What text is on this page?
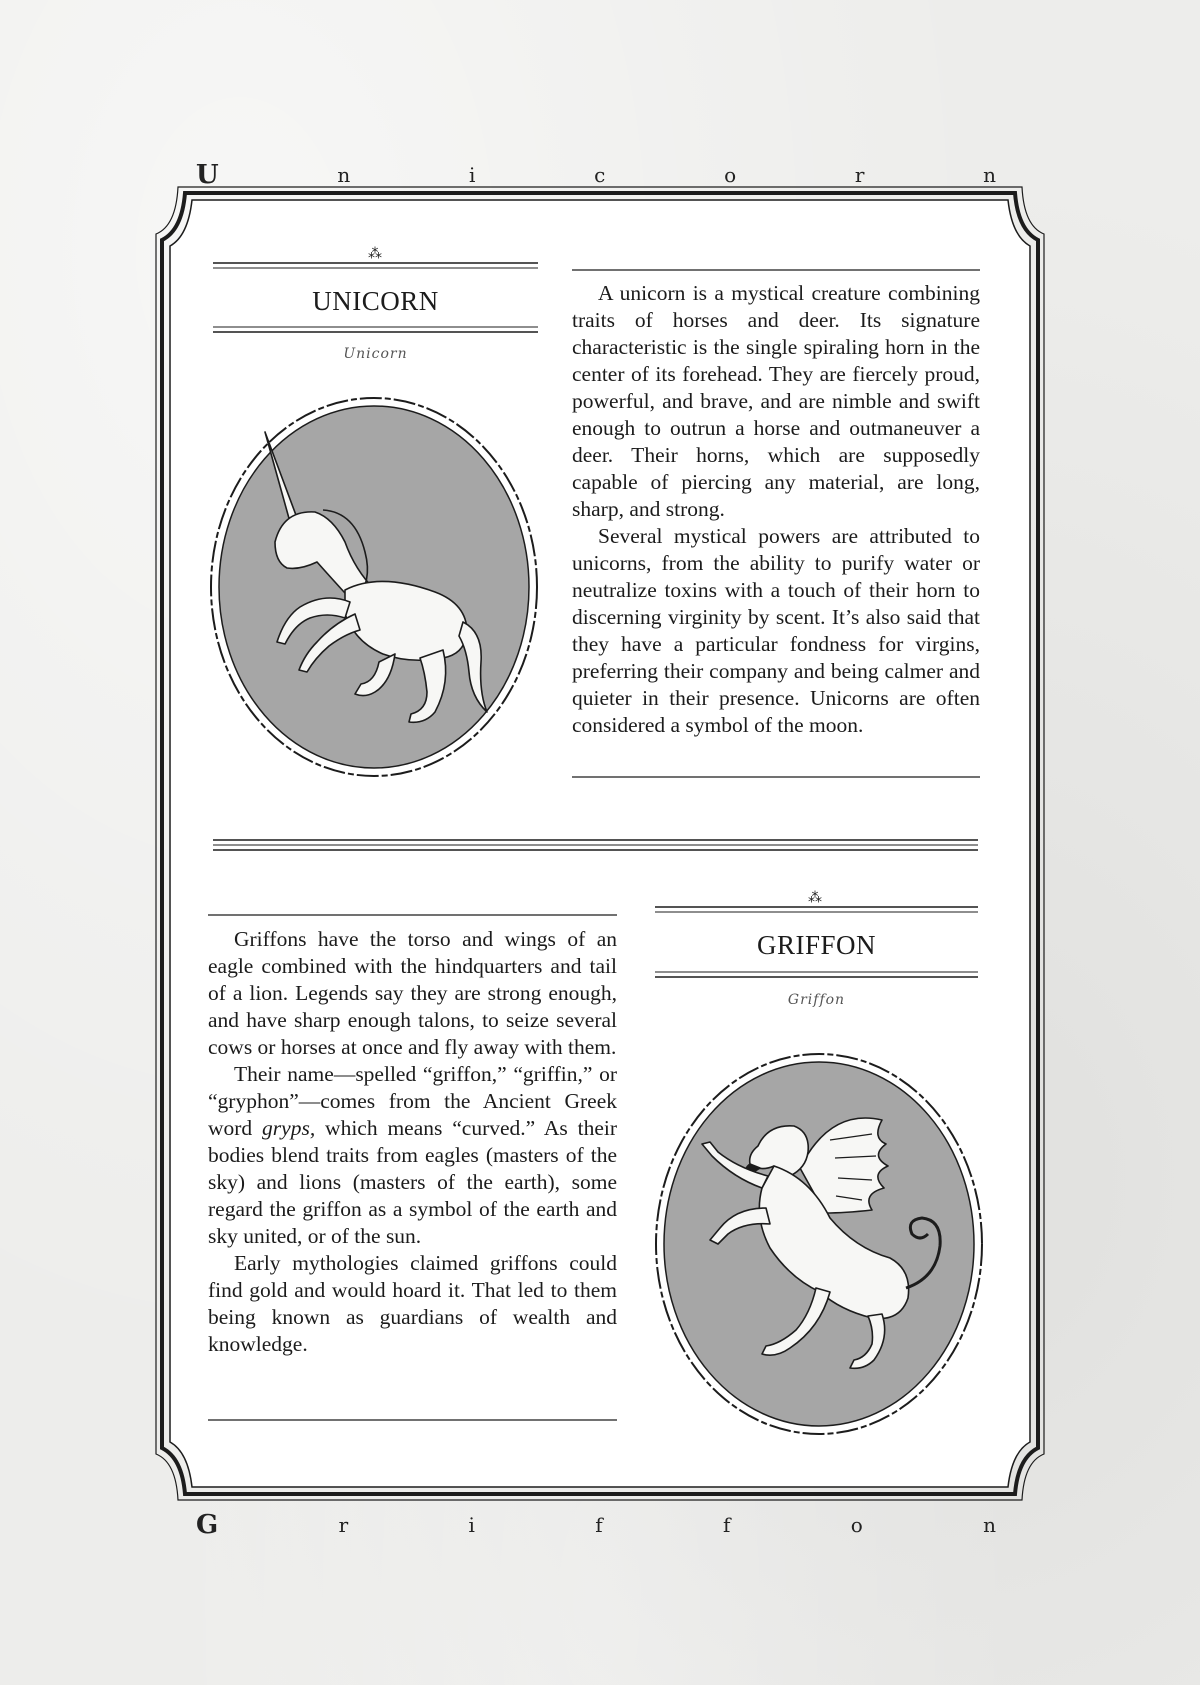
U	n	i	c	o	r	n
⁂
⁂
UNICORN
Unicorn

A unicorn is a mystical creature combining traits of horses and deer. Its signature characteristic is the single spiraling horn in the center of its forehead. They are fiercely proud, powerful, and brave, and are nimble and swift enough to outrun a horse and outmaneuver a deer. Their horns, which are supposedly capable of piercing any material, are long, sharp, and strong.

Several mystical powers are attributed to unicorns, from the ability to purify water or neutralize toxins with a touch of their horn to discerning virginity by scent. It’s also said that they have a particular fondness for virgins, preferring their company and being calmer and quieter in their presence. Unicorns are often considered a symbol of the moon.

GRIFFON
Griffon

Griffons have the torso and wings of an eagle combined with the hindquarters and tail of a lion. Legends say they are strong enough, and have sharp enough talons, to seize several cows or horses at once and fly away with them.

Their name—spelled “griffon,” “griffin,” or “gryphon”—comes from the Ancient Greek word gryps, which means “curved.” As their bodies blend traits from eagles (masters of the sky) and lions (masters of the earth), some regard the griffon as a symbol of the earth and sky united, or of the sun.

Early mythologies claimed griffons could find gold and would hoard it. That led to them being known as guardians of wealth and knowledge.

G	r	i	f	f	o	n
